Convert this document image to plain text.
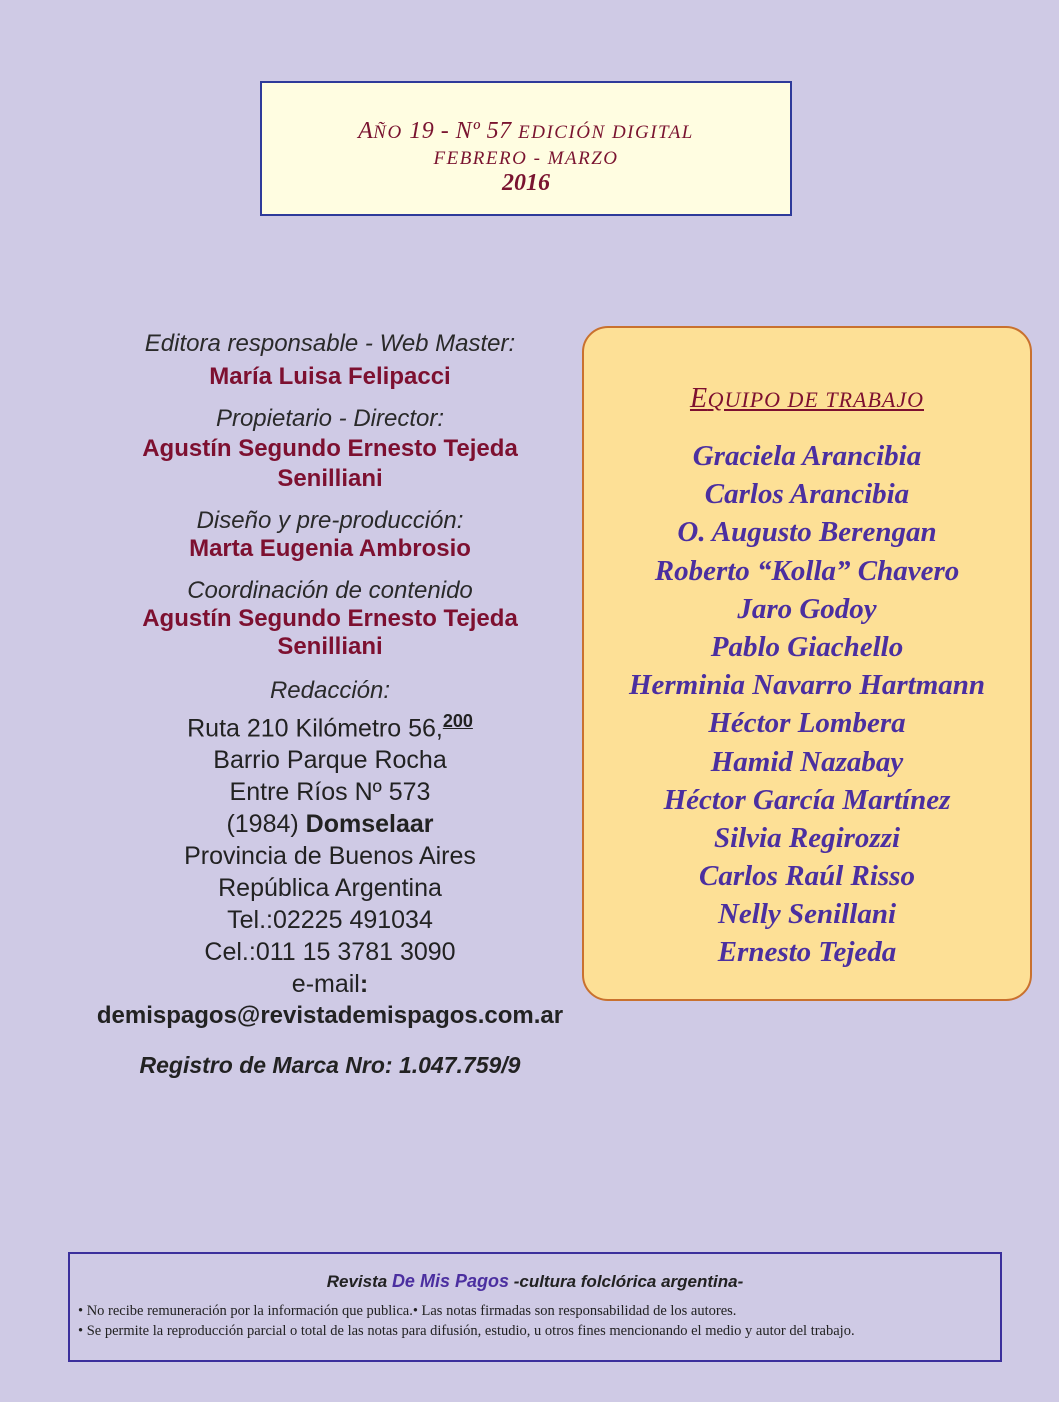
AÑO 19 - Nº 57 EDICIÓN DIGITAL
FEBRERO - MARZO
2016
Editora responsable - Web Master:
María Luisa Felipacci
Propietario - Director:
Agustín Segundo Ernesto Tejeda
Senilliani
Diseño y pre-producción:
Marta Eugenia Ambrosio
Coordinación de contenido
Agustín Segundo Ernesto Tejeda
Senilliani
Redacción:
Ruta 210 Kilómetro 56,$^{200}$
Barrio Parque Rocha
Entre Ríos Nº 573
(1984) Domselaar
Provincia de Buenos Aires
República Argentina
Tel.:02225 491034
Cel.:011 15 3781 3090
e-mail:
demispagos@revistademispagos.com.ar
Registro de Marca Nro: 1.047.759/9
EQUIPO DE TRABAJO
Graciela Arancibia
Carlos Arancibia
O. Augusto Berengan
Roberto “Kolla” Chavero
Jaro Godoy
Pablo Giachello
Herminia Navarro Hartmann
Héctor Lombera
Hamid Nazabay
Héctor García Martínez
Silvia Regirozzi
Carlos Raúl Risso
Nelly Senillani
Ernesto Tejeda
Revista De Mis Pagos -cultura folclórica argentina-
• No recibe remuneración por la información que publica.• Las notas firmadas son responsabilidad de los autores.
• Se permite la reproducción parcial o total de las notas para difusión, estudio, u otros fines mencionando el medio y autor del trabajo.
